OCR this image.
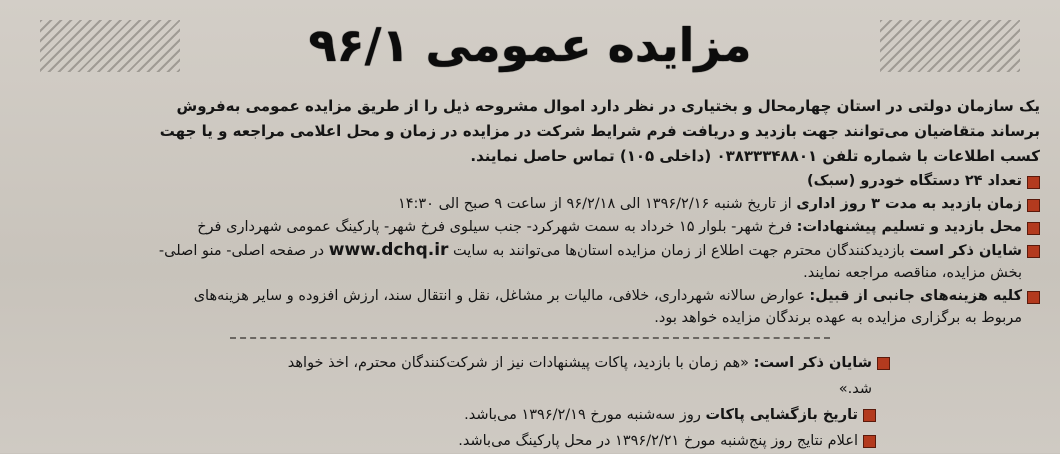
مزایده عمومی ۹۶/۱

یک سازمان دولتی در استان چهارمحال و بختیاری در نظر دارد اموال مشروحه ذیل را از طریق مزایده عمومی به‌فروش

برساند متقاضیان می‌توانند جهت بازدید و دریافت فرم شرایط شرکت در مزایده در زمان و محل اعلامی مراجعه و یا جهت

کسب اطلاعات با شماره تلفن ۰۳۸۳۳۳۴۸۸۰۱ (داخلی ۱۰۵) تماس حاصل نمایند.

تعداد ۲۴ دستگاه خودرو (سبک)
زمان بازدید به مدت ۳ روز اداری از تاریخ شنبه ۱۳۹۶/۲/۱۶ الی ۹۶/۲/۱۸ از ساعت ۹ صبح الی ۱۴:۳۰
محل بازدید و تسلیم پیشنهادات: فرخ شهر- بلوار ۱۵ خرداد به سمت شهرکرد- جنب سیلوی فرخ شهر- پارکینگ عمومی شهرداری فرخ
شایان ذکر است بازدیدکنندگان محترم جهت اطلاع از زمان مزایده استان‌ها می‌توانند به سایت www.dchq.ir در صفحه اصلی- منو اصلی-
بخش مزایده، مناقصه مراجعه نمایند.
کلیه هزینه‌های جانبی از قبیل: عوارض سالانه شهرداری، خلافی، مالیات بر مشاغل، نقل و انتقال سند، ارزش افزوده و سایر هزینه‌های
مربوط به برگزاری مزایده به عهده برندگان مزایده خواهد بود.
شایان ذکر است: «هم زمان با بازدید، پاکات پیشنهادات نیز از شرکت‌کنندگان محترم، اخذ خواهد شد.»
تاریخ بازگشایی پاکات روز سه‌شنبه مورخ ۱۳۹۶/۲/۱۹ می‌باشد.
اعلام نتایج روز پنج‌شنبه مورخ ۱۳۹۶/۲/۲۱ در محل پارکینگ می‌باشد.
